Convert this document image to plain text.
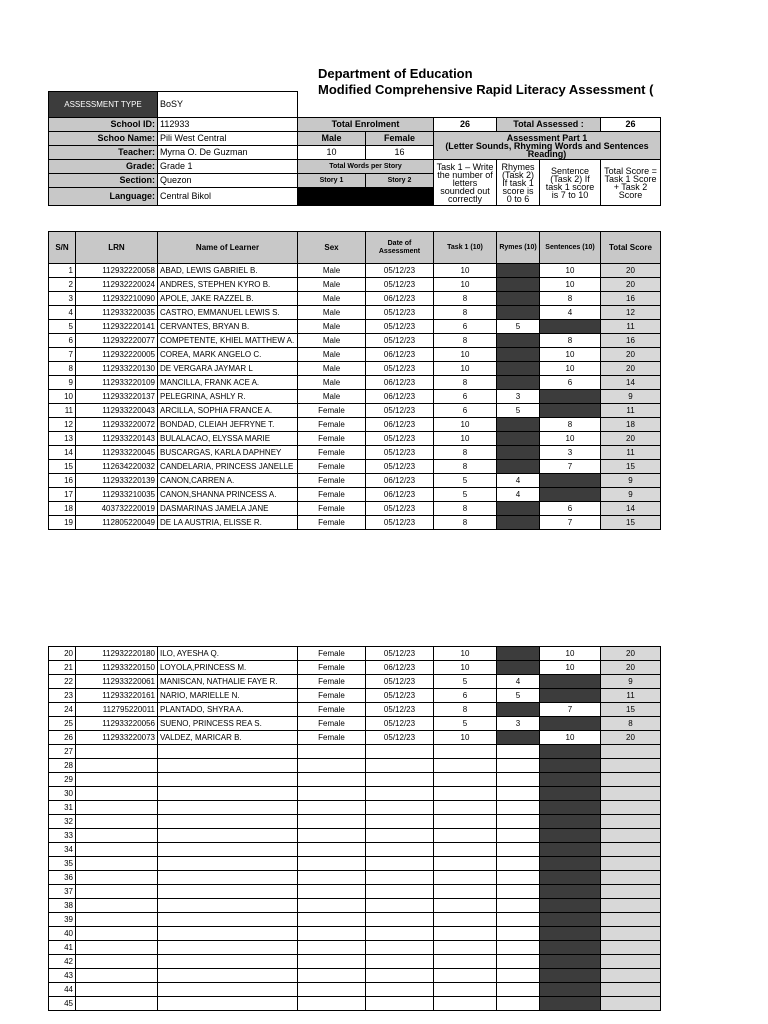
Department of Education
Modified Comprehensive Rapid Literacy Assessment (
ASSESSMENT TYPE	BoSY						
School ID:	112933	Total Enrolment		26	Total Assessed :		26
Schoo Name:	Pili West Central	Male	Female	Assessment Part 1
(Letter Sounds, Rhyming Words and Sentences Reading)			
Teacher:	Myrna O. De Guzman	10	16				
Grade:	Grade 1	Total Words per Story		Task 1 – Write the number of letters sounded out correctly	Rhymes (Task 2) If task 1 score is 0 to 6	Sentence (Task 2) If task 1 score is 7 to 10	Total Score = Task 1 Score + Task 2 Score
Section:	Quezon	Story 1	Story 2				
Language:	Central Bikol						
S/N	LRN	Name of Learner	Sex	Date of Assessment	Task 1 (10)	Rymes (10)	Sentences (10)	Total Score
1	112932220058	ABAD, LEWIS GABRIEL B.	Male	05/12/23	10		10	20
2	112932220024	ANDRES, STEPHEN KYRO B.	Male	05/12/23	10		10	20
3	112932210090	APOLE, JAKE RAZZEL B.	Male	06/12/23	8		8	16
4	112933220035	CASTRO, EMMANUEL LEWIS S.	Male	05/12/23	8		4	12
5	112932220141	CERVANTES, BRYAN B.	Male	05/12/23	6	5		11
6	112932220077	COMPETENTE, KHIEL MATTHEW A.	Male	05/12/23	8		8	16
7	112932220005	COREA, MARK ANGELO C.	Male	06/12/23	10		10	20
8	112933220130	DE VERGARA JAYMAR L	Male	05/12/23	10		10	20
9	112933220109	MANCILLA, FRANK ACE A.	Male	06/12/23	8		6	14
10	112933220137	PELEGRINA, ASHLY R.	Male	06/12/23	6	3		9
11	112933220043	ARCILLA, SOPHIA FRANCE A.	Female	05/12/23	6	5		11
12	112933220072	BONDAD, CLEIAH JEFRYNE T.	Female	06/12/23	10		8	18
13	112933220143	BULALACAO, ELYSSA MARIE	Female	05/12/23	10		10	20
14	112933220045	BUSCARGAS, KARLA DAPHNEY	Female	05/12/23	8		3	11
15	112634220032	CANDELARIA, PRINCESS JANELLE	Female	05/12/23	8		7	15
16	112933220139	CANON,CARREN A.	Female	06/12/23	5	4		9
17	112933210035	CANON,SHANNA PRINCESS A.	Female	06/12/23	5	4		9
18	403732220019	DASMARINAS JAMELA JANE	Female	05/12/23	8		6	14
19	112805220049	DE LA AUSTRIA, ELISSE R.	Female	05/12/23	8		7	15
20	112932220180	ILO, AYESHA Q.	Female	05/12/23	10		10	20
21	112933220150	LOYOLA,PRINCESS M.	Female	06/12/23	10		10	20
22	112933220061	MANISCAN, NATHALIE FAYE R.	Female	05/12/23	5	4		9
23	112933220161	NARIO, MARIELLE N.	Female	05/12/23	6	5		11
24	112795220011	PLANTADO, SHYRA A.	Female	05/12/23	8		7	15
25	112933220056	SUENO, PRINCESS REA S.	Female	05/12/23	5	3		8
26	112933220073	VALDEZ, MARICAR B.	Female	05/12/23	10		10	20
27								
28								
29								
30								
31								
32								
33								
34								
35								
36								
37								
38								
39								
40								
41								
42								
43								
44								
45								
